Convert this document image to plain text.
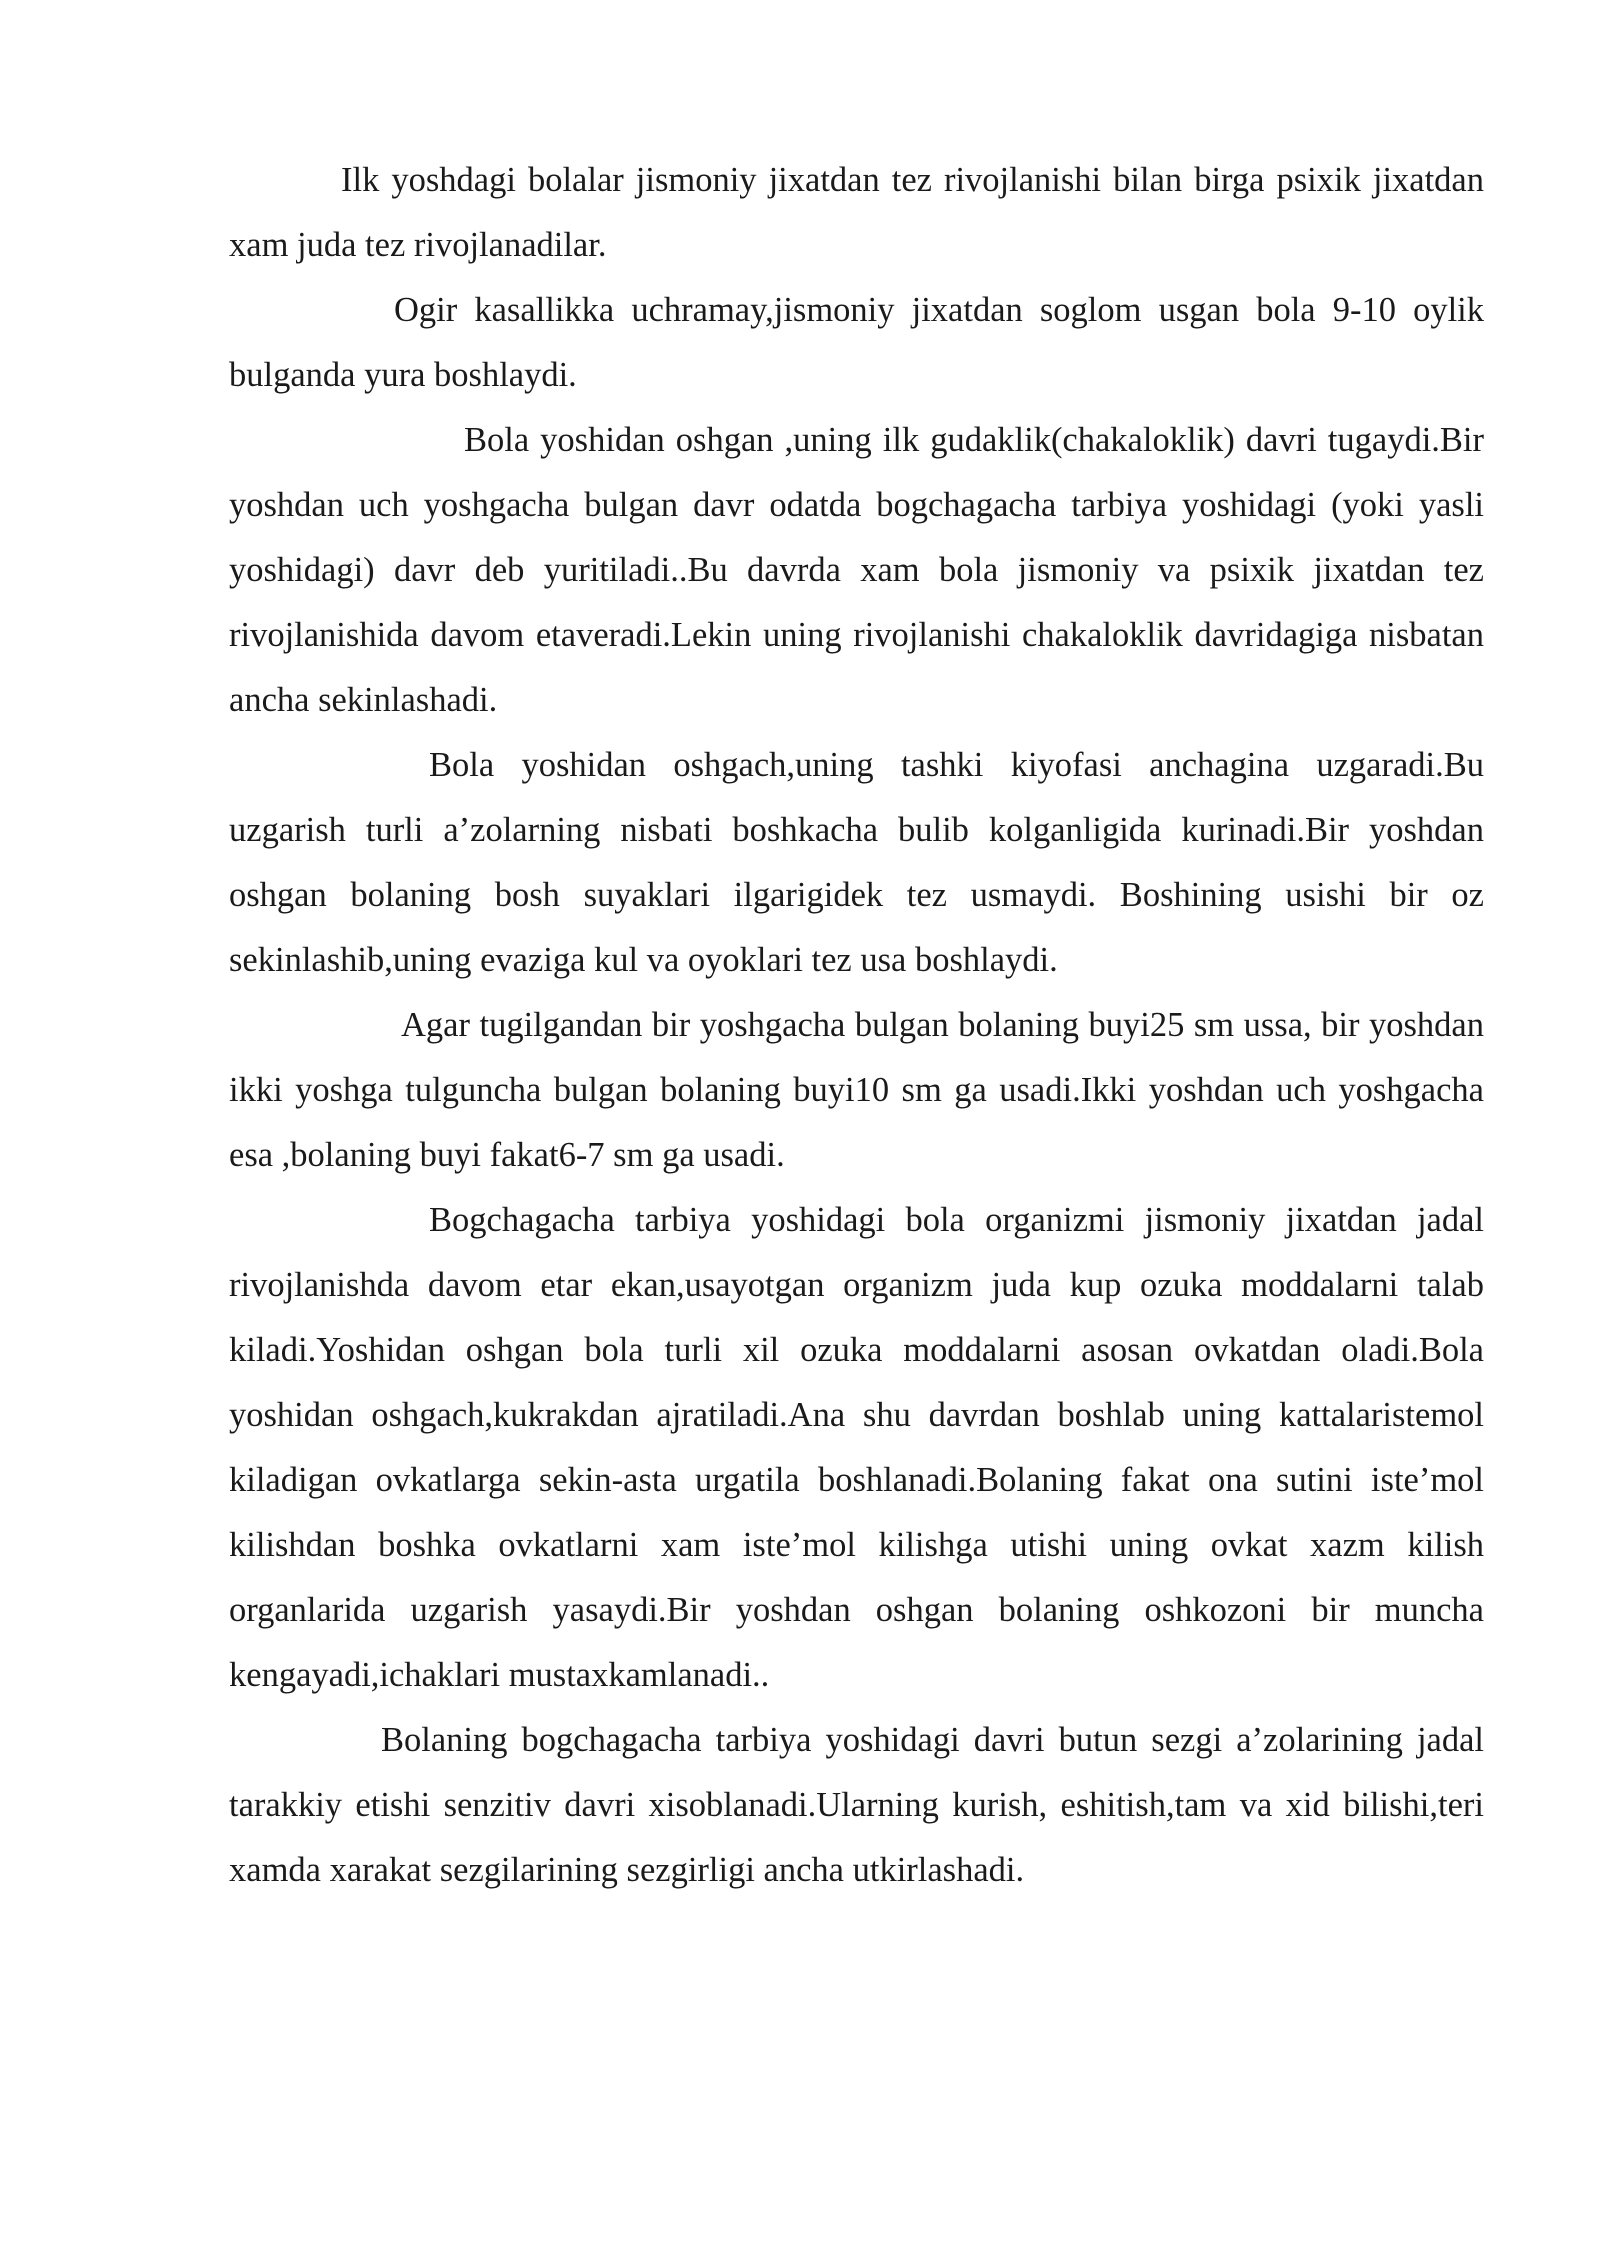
Ilk yoshdagi bolalar jismoniy jixatdan tez rivojlanishi bilan birga psixik jixatdan xam juda tez rivojlanadilar.

Ogir kasallikka uchramay,jismoniy jixatdan soglom usgan bola 9-10 oylik bulganda yura boshlaydi.

Bola yoshidan oshgan ,uning ilk gudaklik(chakaloklik) davri tugaydi.Bir yoshdan uch yoshgacha bulgan davr odatda bogchagacha tarbiya yoshidagi (yoki yasli yoshidagi) davr deb yuritiladi..Bu davrda xam bola jismoniy va psixik jixatdan tez rivojlanishida davom etaveradi.Lekin uning rivojlanishi chakaloklik davridagiga nisbatan ancha sekinlashadi.

Bola yoshidan oshgach,uning tashki kiyofasi anchagina uzgaradi.Bu uzgarish turli a’zolarning nisbati boshkacha bulib kolganligida kurinadi.Bir yoshdan oshgan bolaning bosh suyaklari ilgarigidek tez usmaydi. Boshining usishi bir oz sekinlashib,uning evaziga kul va oyoklari tez usa boshlaydi.

Agar tugilgandan bir yoshgacha bulgan bolaning buyi25 sm ussa, bir yoshdan ikki yoshga tulguncha bulgan bolaning buyi10 sm ga usadi.Ikki yoshdan uch yoshgacha esa ,bolaning buyi fakat6-7 sm ga usadi.

Bogchagacha tarbiya yoshidagi bola organizmi jismoniy jixatdan jadal rivojlanishda davom etar ekan,usayotgan organizm juda kup ozuka moddalarni talab kiladi.Yoshidan oshgan bola turli xil ozuka moddalarni asosan ovkatdan oladi.Bola yoshidan oshgach,kukrakdan ajratiladi.Ana shu davrdan boshlab uning kattalaristemol kiladigan ovkatlarga sekin-asta urgatila boshlanadi.Bolaning fakat ona sutini iste’mol kilishdan boshka ovkatlarni xam iste’mol kilishga utishi uning ovkat xazm kilish organlarida uzgarish yasaydi.Bir yoshdan oshgan bolaning oshkozoni bir muncha kengayadi,ichaklari mustaxkamlanadi..

Bolaning bogchagacha tarbiya yoshidagi davri butun sezgi a’zolarining jadal tarakkiy etishi senzitiv davri xisoblanadi.Ularning kurish, eshitish,tam va xid bilishi,teri xamda xarakat sezgilarining sezgirligi ancha utkirlashadi.
